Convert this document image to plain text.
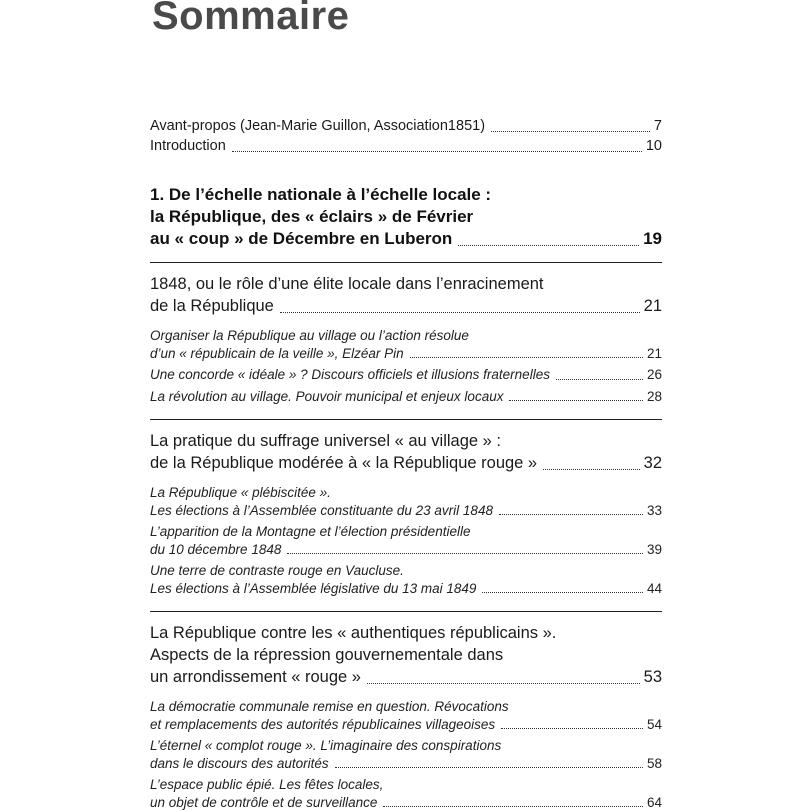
Sommaire
Avant-propos (Jean-Marie Guillon, Association1851)	7
Introduction	10
1. De l’échelle nationale à l’échelle locale :
la République, des « éclairs » de Février
au « coup » de Décembre en Luberon	19
1848, ou le rôle d’une élite locale dans l’enracinement
de la République	21
Organiser la République au village ou l’action résolue
d’un « républicain de la veille », Elzéar Pin	21
Une concorde « idéale » ? Discours officiels et illusions fraternelles	26
La révolution au village. Pouvoir municipal et enjeux locaux	28
La pratique du suffrage universel « au village » :
de la République modérée à « la République rouge »	32
La République « plébiscitée ».
Les élections à l’Assemblée constituante du 23 avril 1848	33
L’apparition de la Montagne et l’élection présidentielle
du 10 décembre 1848	39
Une terre de contraste rouge en Vaucluse.
Les élections à l’Assemblée législative du 13 mai 1849	44
La République contre les « authentiques républicains ».
Aspects de la répression gouvernementale dans
un arrondissement « rouge »	53
La démocratie communale remise en question. Révocations
et remplacements des autorités républicaines villageoises	54
L’éternel « complot rouge ». L’imaginaire des conspirations
dans le discours des autorités	58
L’espace public épié. Les fêtes locales,
un objet de contrôle et de surveillance	64
